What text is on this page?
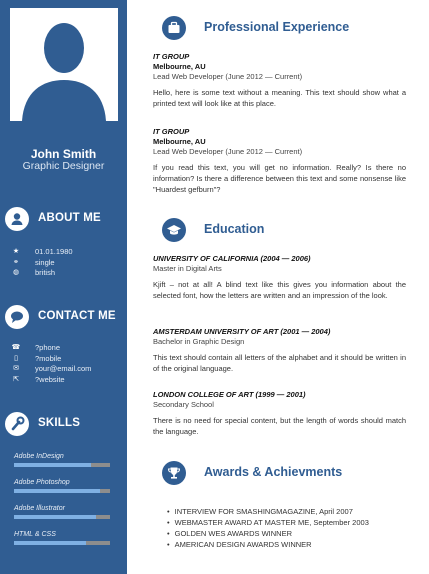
John Smith
Graphic Designer
ABOUT ME
★ 01.01.1980
⚭ single
◍ british
CONTACT ME
☎ ?phone
▯	?mobile
✉ your@email.com
⇱ ?website
SKILLS
Adobe InDesign
Adobe Photoshop
Adobe Illustrator
HTML & CSS
Professional Experience
IT GROUP
Melbourne, AU
Lead Web Developer (June 2012 — Current)
Hello, here is some text without a meaning. This text should show what a printed text will look like at this place.
IT GROUP
Melbourne, AU
Lead Web Developer (June 2012 — Current)
If you read this text, you will get no information. Really? Is there no information? Is there a difference between this text and some nonsense like "Huardest gefburn"?
Education
UNIVERSITY OF CALIFORNIA (2004 — 2006)
Master in Digital Arts
Kjift – not at all! A blind text like this gives you information about the selected font, how the letters are written and an impression of the look.
AMSTERDAM UNIVERSITY OF ART (2001 — 2004)
Bachelor in Graphic Design
This text should contain all letters of the alphabet and it should be written in of the original language.
LONDON COLLEGE OF ART (1999 — 2001)
Secondary School
There is no need for special content, but the length of words should match the language.
Awards & Achievments
• INTERVIEW FOR SMASHINGMAGAZINE, April 2007
• WEBMASTER AWARD AT MASTER ME, September 2003
• GOLDEN WES AWARDS WINNER
• AMERICAN DESIGN AWARDS WINNER
